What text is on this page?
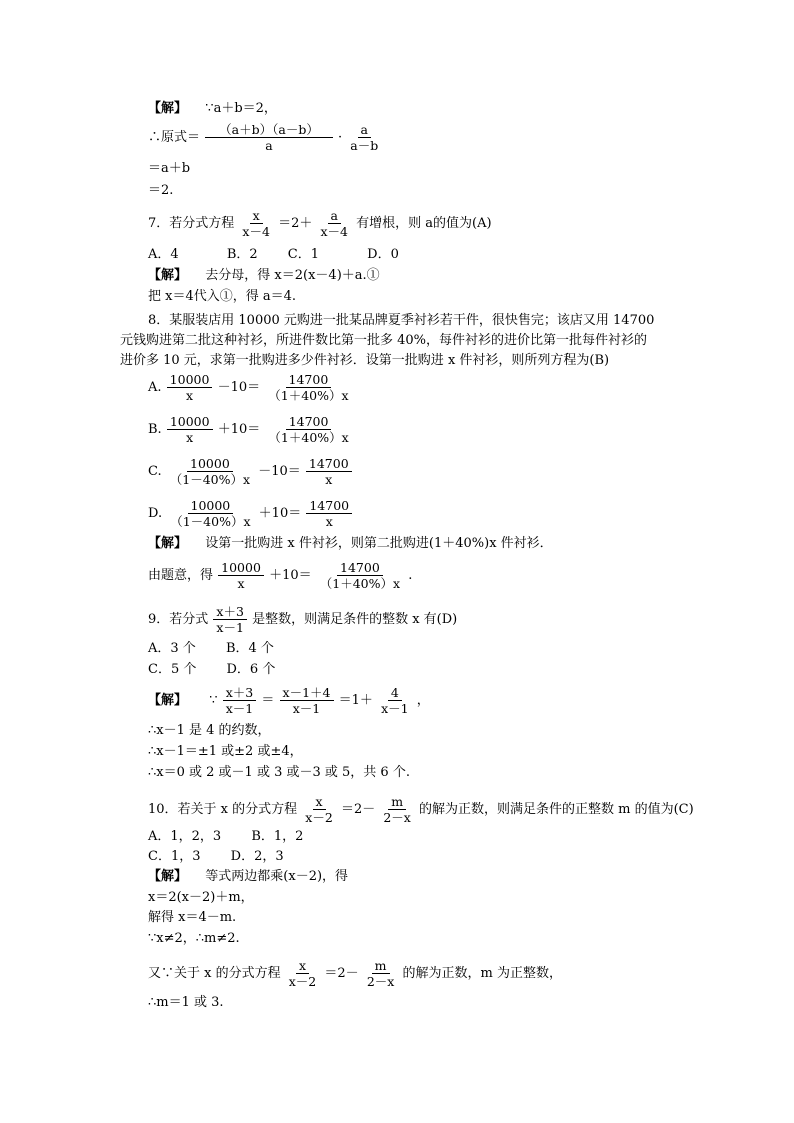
【解】 ∵a＋b＝2，
∴原式＝ $\frac{(a+b)(a-b)}{a} \cdot \frac{a}{a-b}$
＝a＋b
＝2.
7．若分式方程 $\frac{x}{x-4} =2+ \frac{a}{x-4}$ 有增根，则 a的值为(A)
A．4	B．2 C．1	D．0
【解】 去分母，得 x＝2(x－4)＋a.①
把 x＝4代入①，得 a＝4.
8．某服装店用 10000 元购进一批某品牌夏季衬衫若干件，很快售完；该店又用 14700
元钱购进第二批这种衬衫，所进件数比第一批多 40%，每件衬衫的进价比第一批每件衬衫的
进价多 10 元，求第一批购进多少件衬衫．设第一批购进 x 件衬衫，则所列方程为(B)
A. $\frac{10000}{x} -10= \frac{14700}{(1+40\%)x}$
B. $\frac{10000}{x} +10= \frac{14700}{(1+40\%)x}$
C. $\frac{10000}{(1-40\%)x} -10= \frac{14700}{x}$
D. $\frac{10000}{(1-40\%)x} +10= \frac{14700}{x}$
【解】 设第一批购进 x 件衬衫，则第二批购进(1＋40%)x 件衬衫．
由题意，得 $\frac{10000}{x} +10= \frac{14700}{(1+40\%)x}$ .
9．若分式 $\frac{x+3}{x-1}$ 是整数，则满足条件的整数 x 有(D)
A．3 个 B．4 个
C．5 个 D．6 个
【解】 ∵ $\frac{x+3}{x-1} = \frac{x-1+4}{x-1} =1+ \frac{4}{x-1}$ ，
∴x－1 是 4 的约数，
∴x－1＝±1 或±2 或±4，
∴x＝0 或 2 或－1 或 3 或－3 或 5，共 6 个.
10．若关于 x 的分式方程 $\frac{x}{x-2} =2- \frac{m}{2-x}$ 的解为正数，则满足条件的正整数 m 的值为(C)
A．1，2，3 B．1，2
C．1，3 D．2，3
【解】 等式两边都乘(x－2)，得
x＝2(x－2)＋m，
解得 x＝4－m.
∵x≠2，∴m≠2.
又∵关于 x 的分式方程 $\frac{x}{x-2} =2- \frac{m}{2-x}$ 的解为正数，m 为正整数，
∴m＝1 或 3.
